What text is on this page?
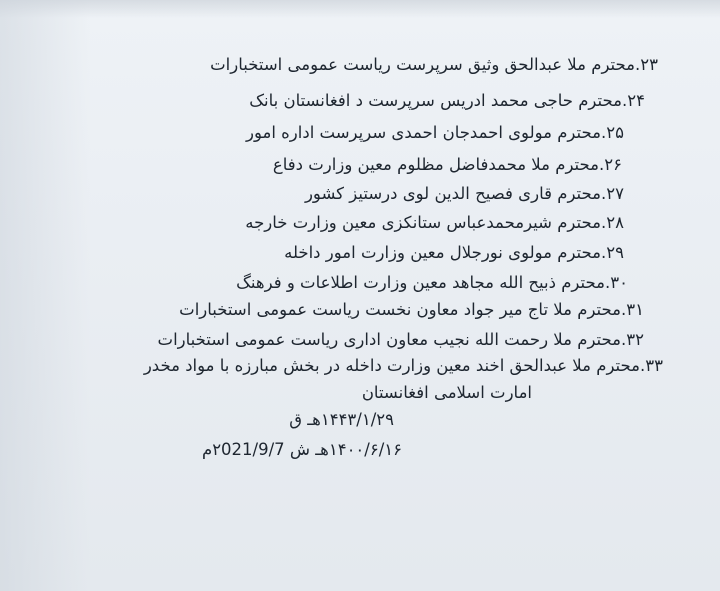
۲۳.محترم ملا عبدالحق وثیق سرپرست ریاست عمومی استخبارات
۲۴.محترم حاجی محمد ادریس سرپرست د افغانستان بانک
۲۵.محترم مولوی احمدجان احمدی سرپرست اداره امور
۲۶.محترم ملا محمدفاضل مظلوم معین وزارت دفاع
۲۷.محترم قاری فصیح الدین لوی درستیز کشور
۲۸.محترم شیرمحمدعباس ستانکزی معین وزارت خارجه
۲۹.محترم مولوی نورجلال معین وزارت امور داخله
۳۰.محترم ذبیح الله مجاهد معین وزارت اطلاعات و فرهنگ
۳۱.محترم ملا تاج میر جواد معاون نخست ریاست عمومی استخبارات
۳۲.محترم ملا رحمت الله نجیب معاون اداری ریاست عمومی استخبارات
۳۳.محترم ملا عبدالحق اخند معین وزارت داخله در بخش مبارزه با مواد مخدر
امارت اسلامی افغانستان
۱۴۴۳/۱/۲۹هـ ق
۱۴۰۰/۶/۱۶هـ ش ۲021/9/7م
